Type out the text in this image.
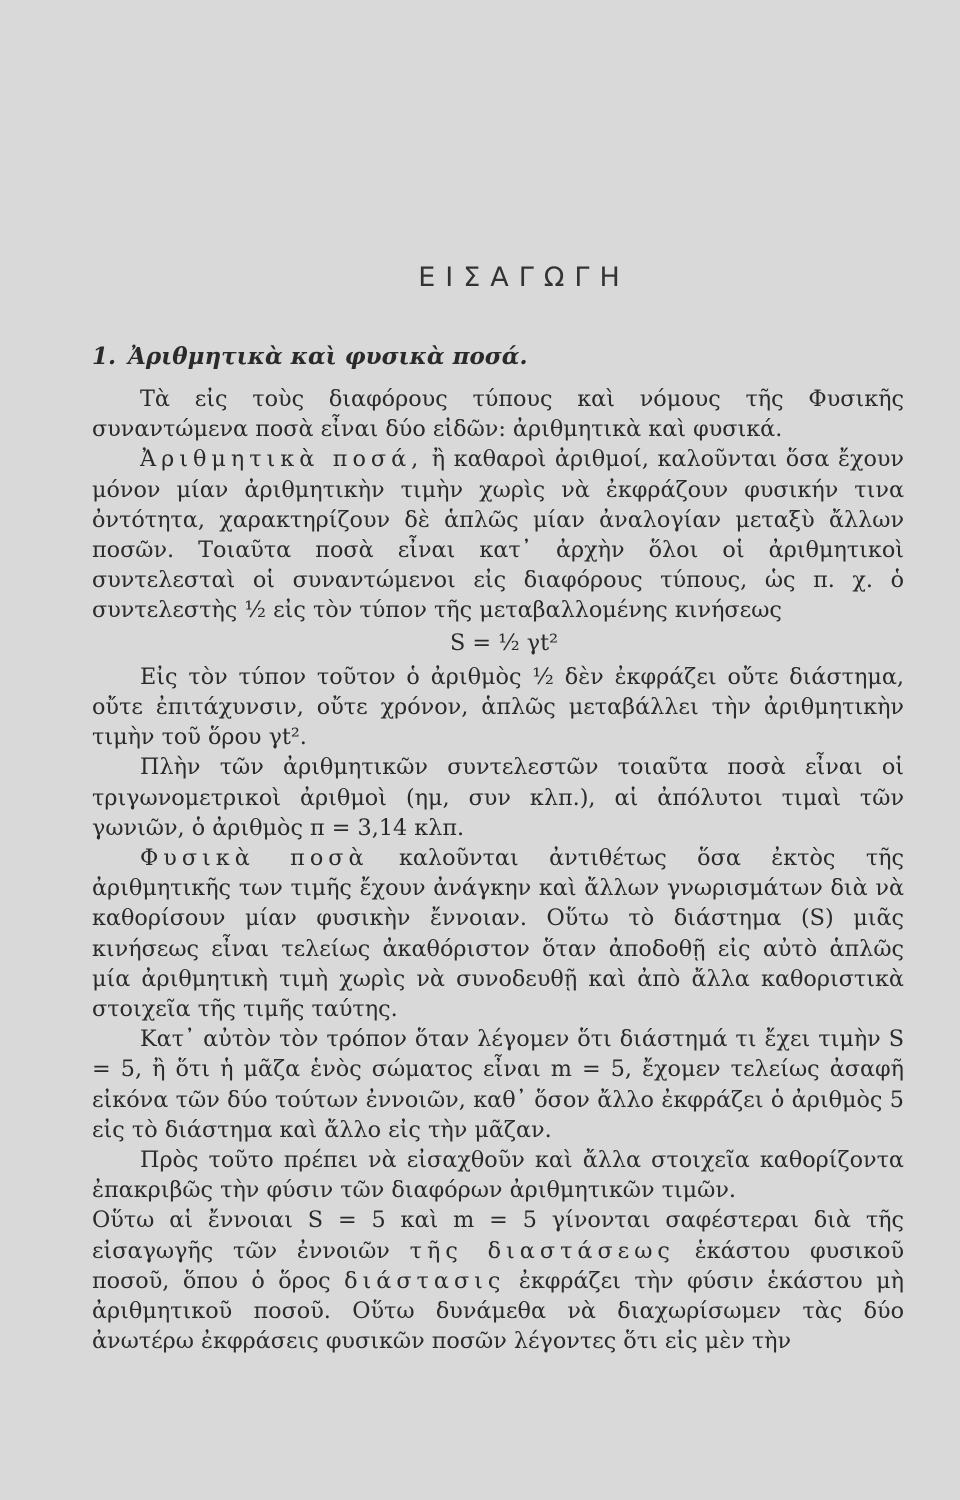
ΕΙΣΑΓΩΓΗ
1. Ἀριθμητικὰ καὶ φυσικὰ ποσά.

Τὰ εἰς τοὺς διαφόρους τύπους καὶ νόμους τῆς Φυσικῆς συναντώμενα ποσὰ εἶναι δύο εἰδῶν: ἀριθμητικὰ καὶ φυσικά.

Ἀριθμητικὰ ποσά, ἢ καθαροὶ ἀριθμοί, καλοῦνται ὅσα ἔχουν μόνον μίαν ἀριθμητικὴν τιμὴν χωρὶς νὰ ἐκφράζουν φυσικήν τινα ὀντότητα, χαρακτηρίζουν δὲ ἁπλῶς μίαν ἀναλογίαν μεταξὺ ἄλλων ποσῶν. Τοιαῦτα ποσὰ εἶναι κατ᾿ ἀρχὴν ὅλοι οἱ ἀριθμητικοὶ συντελεσταὶ οἱ συναντώμενοι εἰς διαφόρους τύπους, ὡς π. χ. ὁ συντελεστὴς ½ εἰς τὸν τύπον τῆς μεταβαλλομένης κινήσεως

S = ½ γt²

Εἰς τὸν τύπον τοῦτον ὁ ἀριθμὸς ½ δὲν ἐκφράζει οὔτε διάστημα, οὔτε ἐπιτάχυνσιν, οὔτε χρόνον, ἁπλῶς μεταβάλλει τὴν ἀριθμητικὴν τιμὴν τοῦ ὅρου γt².

Πλὴν τῶν ἀριθμητικῶν συντελεστῶν τοιαῦτα ποσὰ εἶναι οἱ τριγωνομετρικοὶ ἀριθμοὶ (ημ, συν κλπ.), αἱ ἀπόλυτοι τιμαὶ τῶν γωνιῶν, ὁ ἀριθμὸς π = 3,14 κλπ.

Φυσικὰ ποσὰ καλοῦνται ἀντιθέτως ὅσα ἐκτὸς τῆς ἀριθμητικῆς των τιμῆς ἔχουν ἀνάγκην καὶ ἄλλων γνωρισμάτων διὰ νὰ καθορίσουν μίαν φυσικὴν ἔννοιαν. Οὕτω τὸ διάστημα (S) μιᾶς κινήσεως εἶναι τελείως ἀκαθόριστον ὅταν ἀποδοθῇ εἰς αὐτὸ ἁπλῶς μία ἀριθμητικὴ τιμὴ χωρὶς νὰ συνοδευθῇ καὶ ἀπὸ ἄλλα καθοριστικὰ στοιχεῖα τῆς τιμῆς ταύτης.

Κατ᾿ αὐτὸν τὸν τρόπον ὅταν λέγομεν ὅτι διάστημά τι ἔχει τιμὴν S = 5, ἢ ὅτι ἡ μᾶζα ἑνὸς σώματος εἶναι m = 5, ἔχομεν τελείως ἀσαφῆ εἰκόνα τῶν δύο τούτων ἐννοιῶν, καθ᾿ ὅσον ἄλλο ἐκφράζει ὁ ἀριθμὸς 5 εἰς τὸ διάστημα καὶ ἄλλο εἰς τὴν μᾶζαν.

Πρὸς τοῦτο πρέπει νὰ εἰσαχθοῦν καὶ ἄλλα στοιχεῖα καθορίζοντα ἐπακριβῶς τὴν φύσιν τῶν διαφόρων ἀριθμητικῶν τιμῶν.

Οὕτω αἱ ἔννοιαι S = 5 καὶ m = 5 γίνονται σαφέστεραι διὰ τῆς εἰσαγωγῆς τῶν ἐννοιῶν τῆς διαστάσεως ἑκάστου φυσικοῦ ποσοῦ, ὅπου ὁ ὅρος διάστασις ἐκφράζει τὴν φύσιν ἑκάστου μὴ ἀριθμητικοῦ ποσοῦ. Οὕτω δυνάμεθα νὰ διαχωρίσωμεν τὰς δύο ἀνωτέρω ἐκφράσεις φυσικῶν ποσῶν λέγοντες ὅτι εἰς μὲν τὴν
